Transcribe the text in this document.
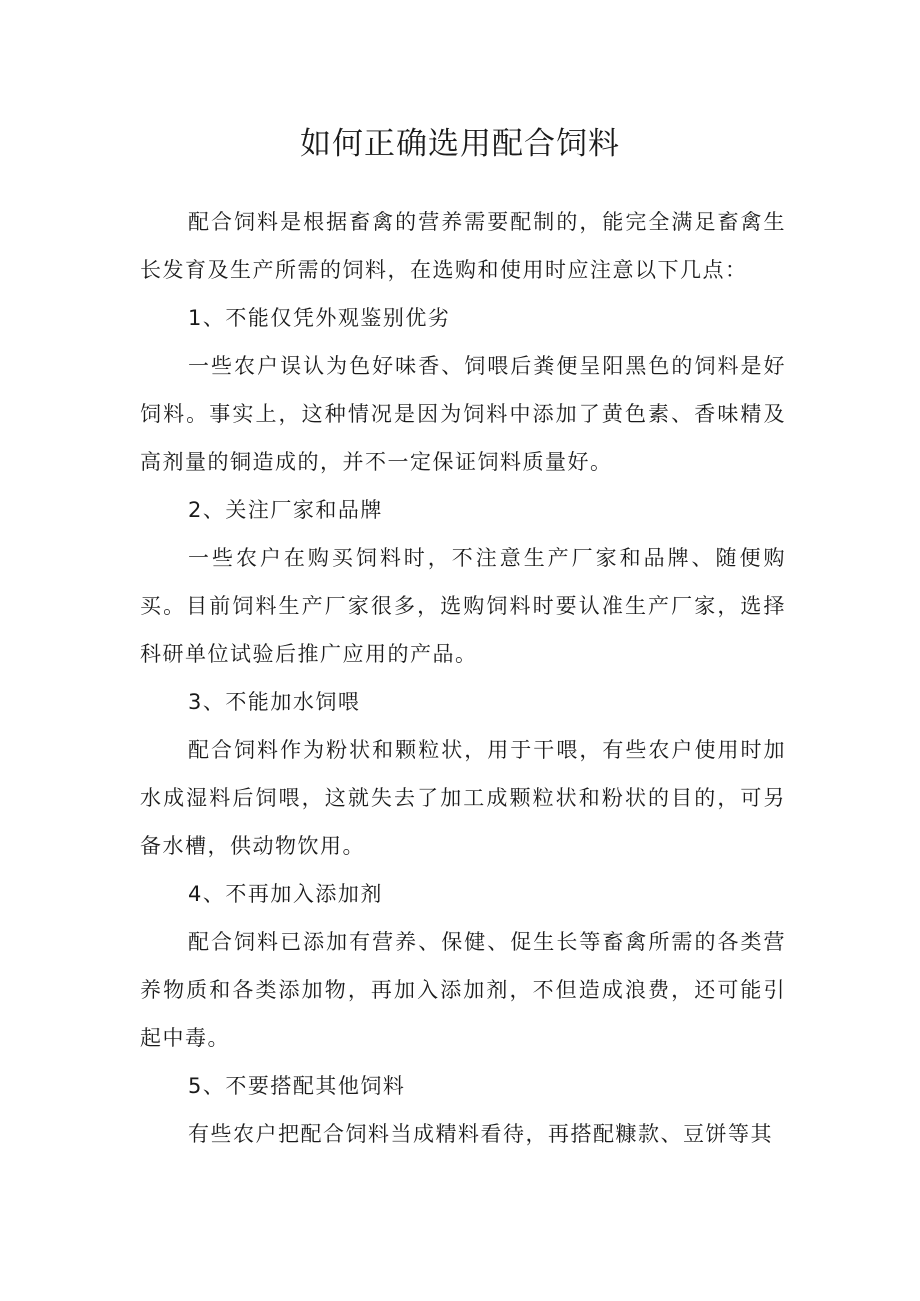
如何正确选用配合饲料

配合饲料是根据畜禽的营养需要配制的，能完全满足畜禽生长发育及生产所需的饲料，在选购和使用时应注意以下几点：

1、不能仅凭外观鉴别优劣

一些农户误认为色好味香、饲喂后粪便呈阳黑色的饲料是好饲料。事实上，这种情况是因为饲料中添加了黄色素、香味精及高剂量的铜造成的，并不一定保证饲料质量好。

2、关注厂家和品牌

一些农户在购买饲料时，不注意生产厂家和品牌、随便购买。目前饲料生产厂家很多，选购饲料时要认准生产厂家，选择科研单位试验后推广应用的产品。

3、不能加水饲喂

配合饲料作为粉状和颗粒状，用于干喂，有些农户使用时加水成湿料后饲喂，这就失去了加工成颗粒状和粉状的目的，可另备水槽，供动物饮用。

4、不再加入添加剂

配合饲料已添加有营养、保健、促生长等畜禽所需的各类营养物质和各类添加物，再加入添加剂，不但造成浪费，还可能引起中毒。

5、不要搭配其他饲料

有些农户把配合饲料当成精料看待，再搭配糠款、豆饼等其
